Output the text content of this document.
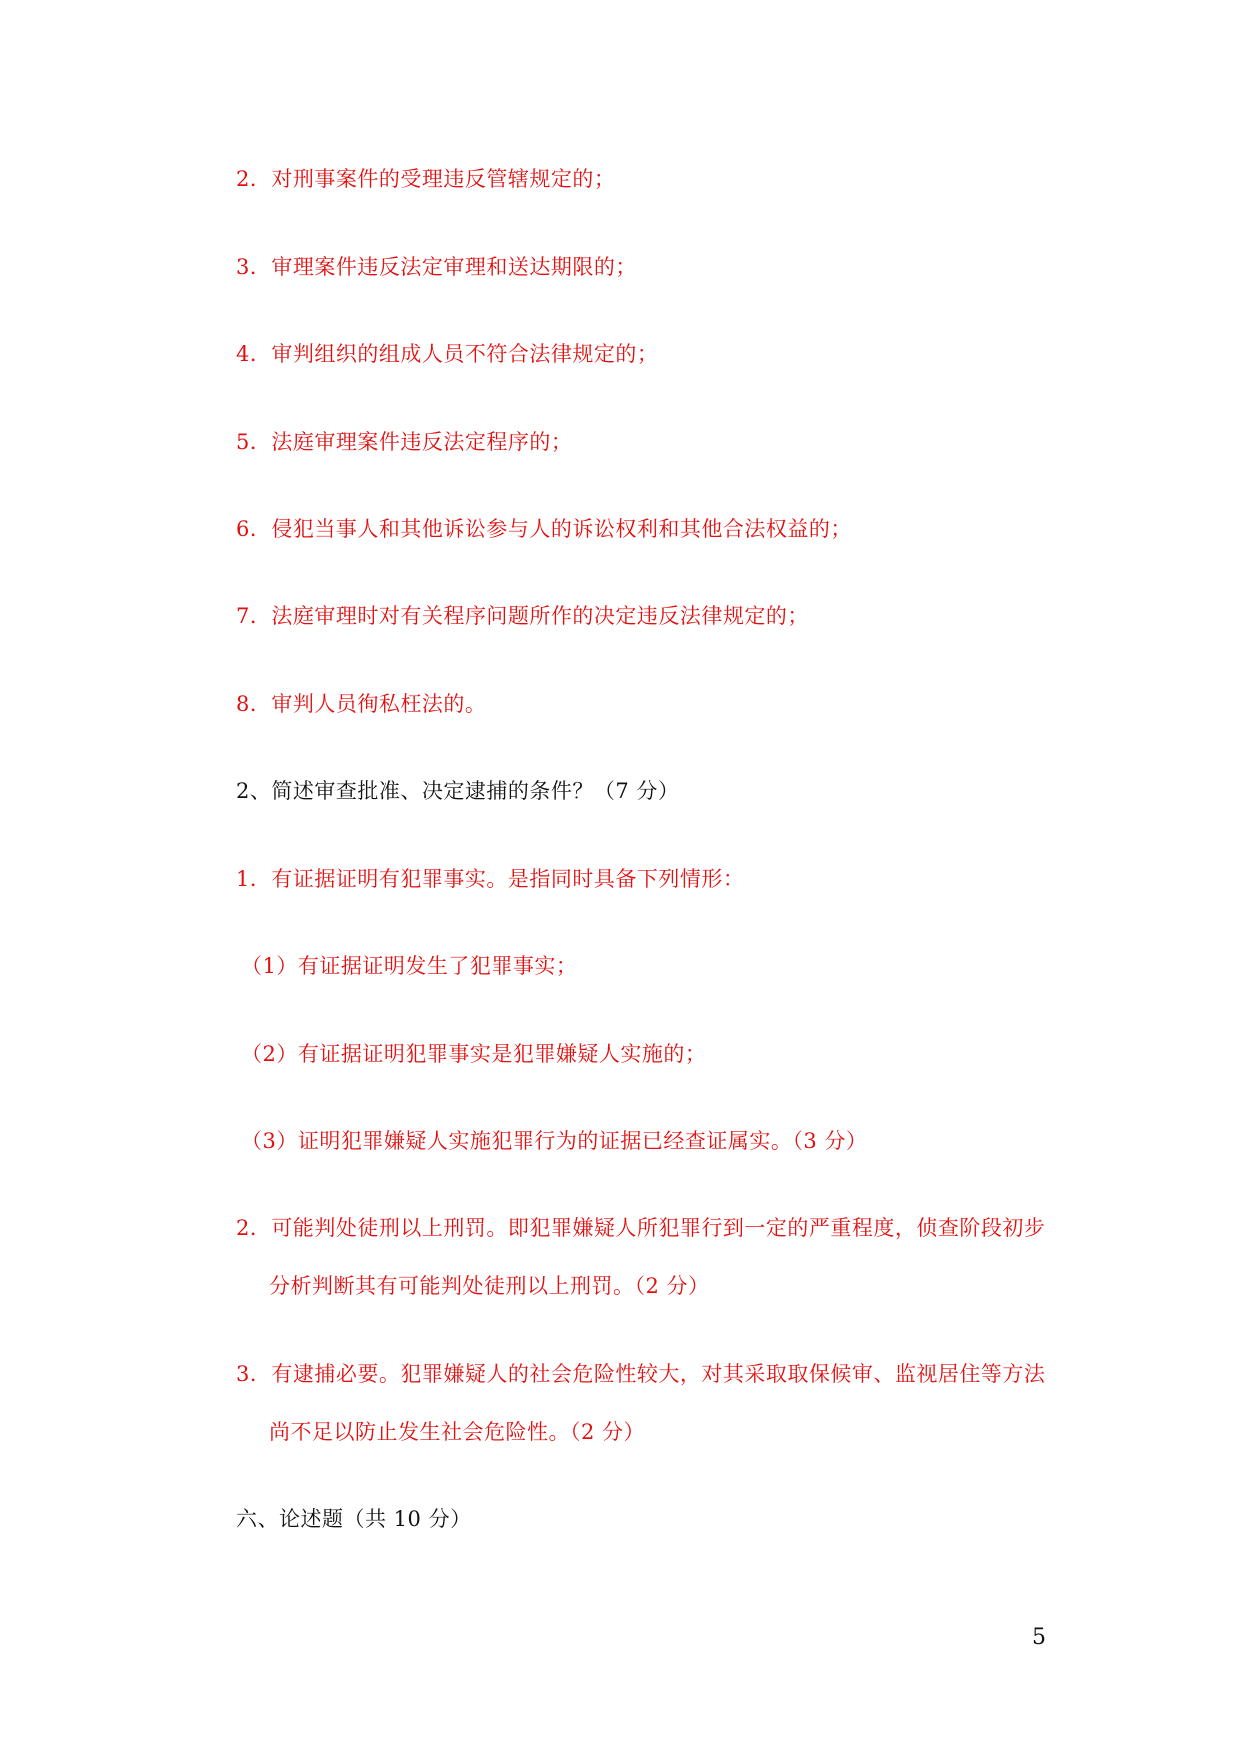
2．对刑事案件的受理违反管辖规定的；
3．审理案件违反法定审理和送达期限的；
4．审判组织的组成人员不符合法律规定的；
5．法庭审理案件违反法定程序的；
6．侵犯当事人和其他诉讼参与人的诉讼权利和其他合法权益的；
7．法庭审理时对有关程序问题所作的决定违反法律规定的；
8．审判人员徇私枉法的。
2、简述审查批准、决定逮捕的条件？（7 分）
1．有证据证明有犯罪事实。是指同时具备下列情形：
（1）有证据证明发生了犯罪事实；
（2）有证据证明犯罪事实是犯罪嫌疑人实施的；
（3）证明犯罪嫌疑人实施犯罪行为的证据已经查证属实。（3 分）
2．可能判处徒刑以上刑罚。即犯罪嫌疑人所犯罪行到一定的严重程度，侦查阶段初步
分析判断其有可能判处徒刑以上刑罚。（2 分）
3．有逮捕必要。犯罪嫌疑人的社会危险性较大，对其采取取保候审、监视居住等方法
尚不足以防止发生社会危险性。（2 分）
六、论述题（共 10 分）
5
